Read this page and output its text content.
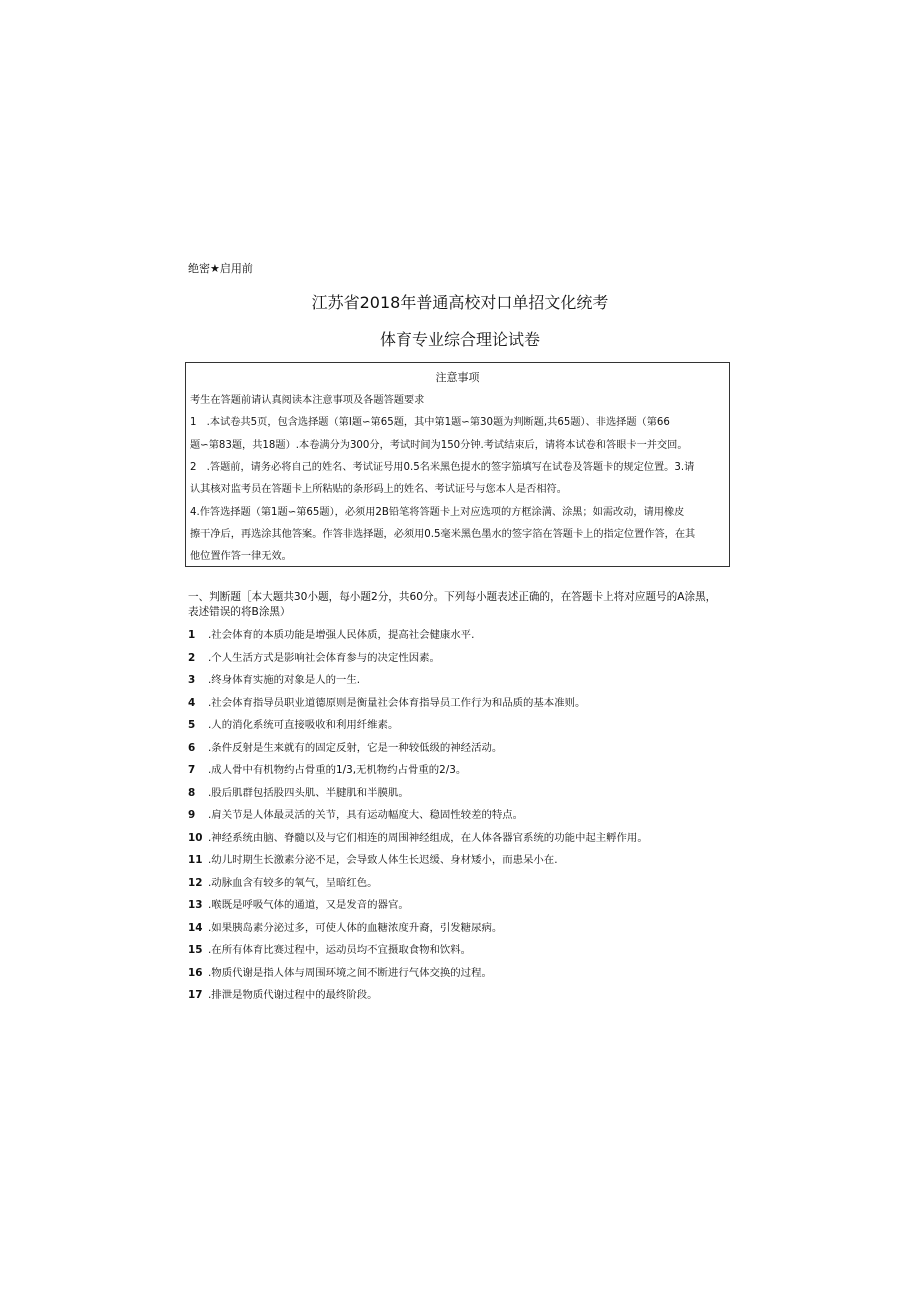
绝密★启用前
江苏省2018年普通高校对口单招文化统考
体育专业综合理论试卷
注意事项
考生在答题前请认真阅读本注意事项及各题答题要求
1　.本试卷共5页，包含选择题（第I题∽第65题，其中第1题∽第30题为判断题,共65题）、非选择题（第66
题∽第83题，共18题）.本卷满分为300分，考试时间为150分钟.考试结束后，请将本试卷和答眼卡一并交回。
2　.答题前，请务必将自己的姓名、考试证号用0.5名米黑色提水的签字笳填写在试卷及答题卡的规定位置。3.请
认其核对监考员在答题卡上所粘贴的条形码上的姓名、考试证号与您本人是否相符。
4.作答选择题（第1题∽第65题），必须用2B铅笔将答题卡上对应选项的方框涂满、涂黑；如需改动，请用橡皮
擦干净后，再选涂其他答案。作答非选择题，必须用0.5毫米黑色墨水的签字箔在答题卡上的指定位置作答，在其
他位置作答一律无效。
一、判断题［本大题共30小题，每小题2分，共60分。下列每小题表述正确的，在答题卡上将对应题号的A涂黑，
表述错误的将B涂黑）
1	.社会体育的本质功能是增强人民体质，提高社会健康水平.
2	.个人生活方式是影响社会体育参与的决定性因素。
3	.终身体育实施的对象是人的一生.
4	.社会体育指导员职业道德原则是衡量社会体育指导员工作行为和品质的基本准则。
5	.人的消化系统可直接吸收和利用纤维素。
6	.条件反射是生来就有的固定反射，它是一种较低级的神经活动。
7	.成人骨中有机物约占骨重的1/3,无机物约占骨重的2/3。
8	.股后肌群包括股四头肌、半腱肌和半膜肌。
9	.肩关节是人体最灵活的关节，具有运动幅度大、稳固性较差的特点。
10 .神经系统由脑、脊髓以及与它们相连的周围神经组成，在人体各器官系统的功能中起主孵作用。
11 .幼儿时期生长激素分泌不足，会导致人体生长迟缓、身材矮小，而患呆小在.
12 .动脉血含有较多的氧气，呈暗红色。
13 .喉既是呼吸气体的通道，又是发音的器官。
14 .如果胰岛素分泌过多，可使人体的血糖浓度升裔，引发糖尿病。
15 .在所有体育比赛过程中，运动员均不宜摄取食物和饮料。
16 .物质代谢是指人体与周围环境之间不断进行气体交换的过程。
17 .排泄是物质代谢过程中的最终阶段。
